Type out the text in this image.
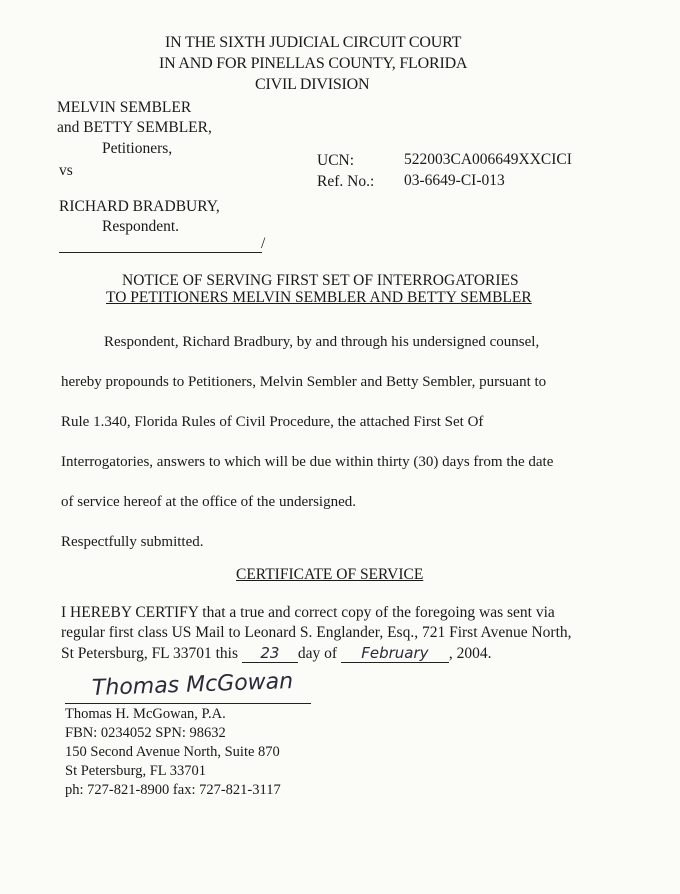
IN THE SIXTH JUDICIAL CIRCUIT COURT
IN AND FOR PINELLAS COUNTY, FLORIDA
CIVIL DIVISION
MELVIN SEMBLER
and BETTY SEMBLER,
Petitioners,
vs
UCN:	522003CA006649XXCICI
Ref. No.: 03-6649-CI-013
RICHARD BRADBURY,
Respondent.
/
NOTICE OF SERVING FIRST SET OF INTERROGATORIES
TO PETITIONERS MELVIN SEMBLER AND BETTY SEMBLER
Respondent, Richard Bradbury, by and through his undersigned counsel,
hereby propounds to Petitioners, Melvin Sembler and Betty Sembler, pursuant to
Rule 1.340, Florida Rules of Civil Procedure, the attached First Set Of
Interrogatories, answers to which will be due within thirty (30) days from the date
of service hereof at the office of the undersigned.
Respectfully submitted.
CERTIFICATE OF SERVICE
I HEREBY CERTIFY that a true and correct copy of the foregoing was sent via
regular first class US Mail to Leonard S. Englander, Esq., 721 First Avenue North,
St Petersburg, FL 33701 this 23 day of February , 2004.
Thomas McGowan
Thomas H. McGowan, P.A.
FBN: 0234052 SPN: 98632
150 Second Avenue North, Suite 870
St Petersburg, FL 33701
ph: 727-821-8900 fax: 727-821-3117
